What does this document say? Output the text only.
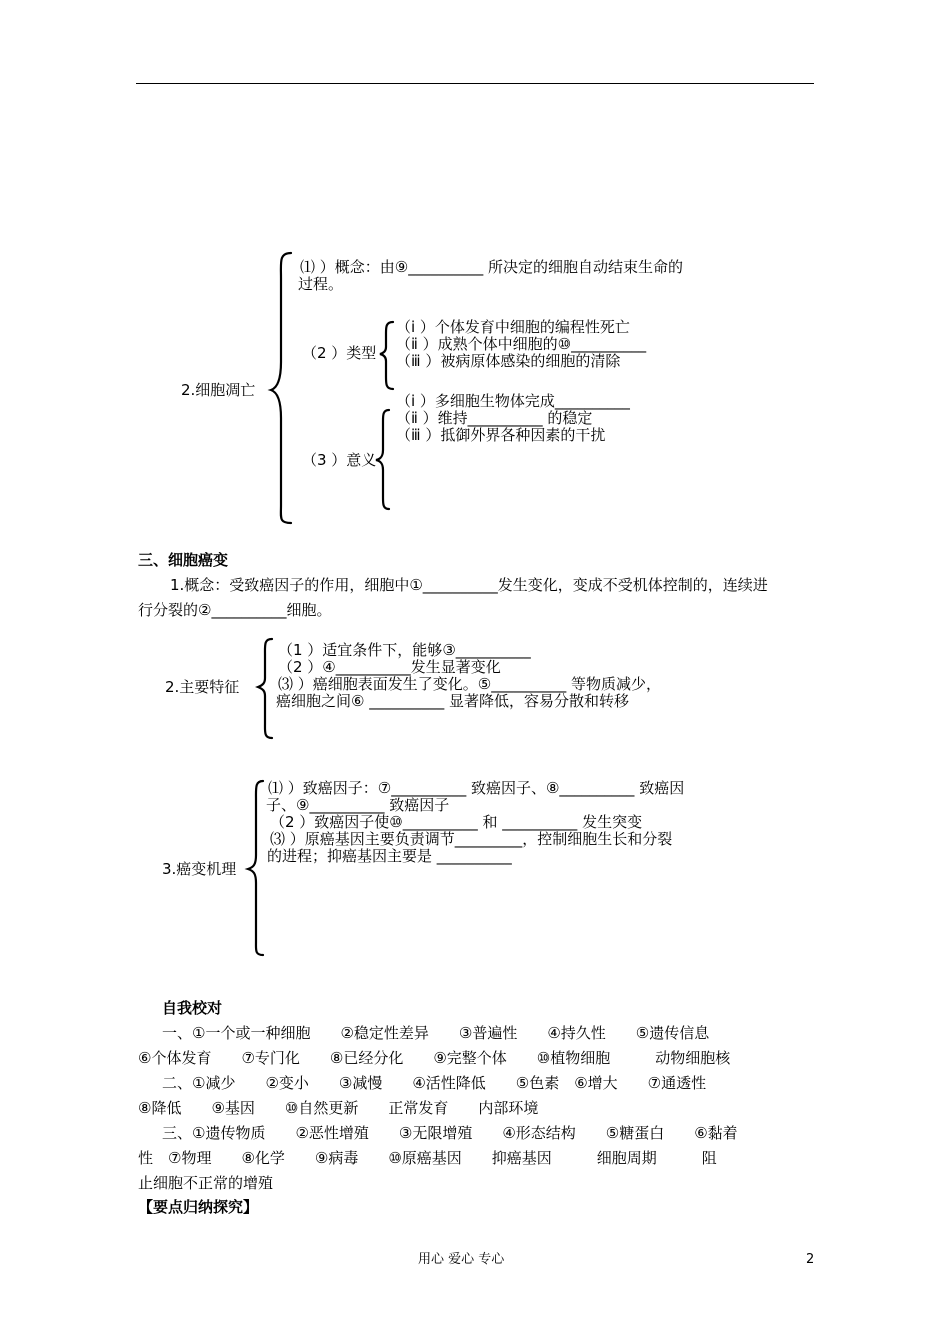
⑴ ）概念：由⑨__________ 所决定的细胞自动结束生命的
过程。
（2 ）类型
（ⅰ ）个体发育中细胞的编程性死亡
（ⅱ ）成熟个体中细胞的⑩__________
（ⅲ ）被病原体感染的细胞的清除
2.细胞凋亡
（ⅰ ）多细胞生物体完成__________
（ⅱ ）维持__________ 的稳定
（ⅲ ）抵御外界各种因素的干扰
（3 ）意义
三、细胞癌变
1.概念：受致癌因子的作用，细胞中①__________发生变化，变成不受机体控制的，连续进
行分裂的②__________细胞。
（1 ）适宜条件下，能够③__________
（2 ）④__________发生显著变化
2.主要特征	⑶ ）癌细胞表面发生了变化。⑤__________ 等物质减少，
癌细胞之间⑥ __________ 显著降低，容易分散和转移
⑴ ）致癌因子：⑦__________ 致癌因子、⑧__________ 致癌因
子、⑨__________ 致癌因子
（2 ）致癌因子使⑩__________ 和 __________ 发生突变
⑶ ）原癌基因主要负责调节_________，控制细胞生长和分裂
的进程；抑癌基因主要是 __________
3.癌变机理
自我校对
一、①一个或一种细胞　　②稳定性差异　　③普遍性　　④持久性　　⑤遗传信息
⑥个体发育　　⑦专门化　　⑧已经分化　　⑨完整个体　　⑩植物细胞　　　动物细胞核
二、①减少　　②变小　　③减慢　　④活性降低　　⑤色素　⑥增大　　⑦通透性
⑧降低　　⑨基因　　⑩自然更新　　正常发育　　内部环境
三、①遗传物质　　②恶性增殖　　③无限增殖　　④形态结构　　⑤糖蛋白　　⑥黏着
性　⑦物理　　⑧化学　　⑨病毒　　⑩原癌基因　　抑癌基因　　　细胞周期　　　阻
止细胞不正常的增殖
【要点归纳探究】
用心 爱心 专心	2
